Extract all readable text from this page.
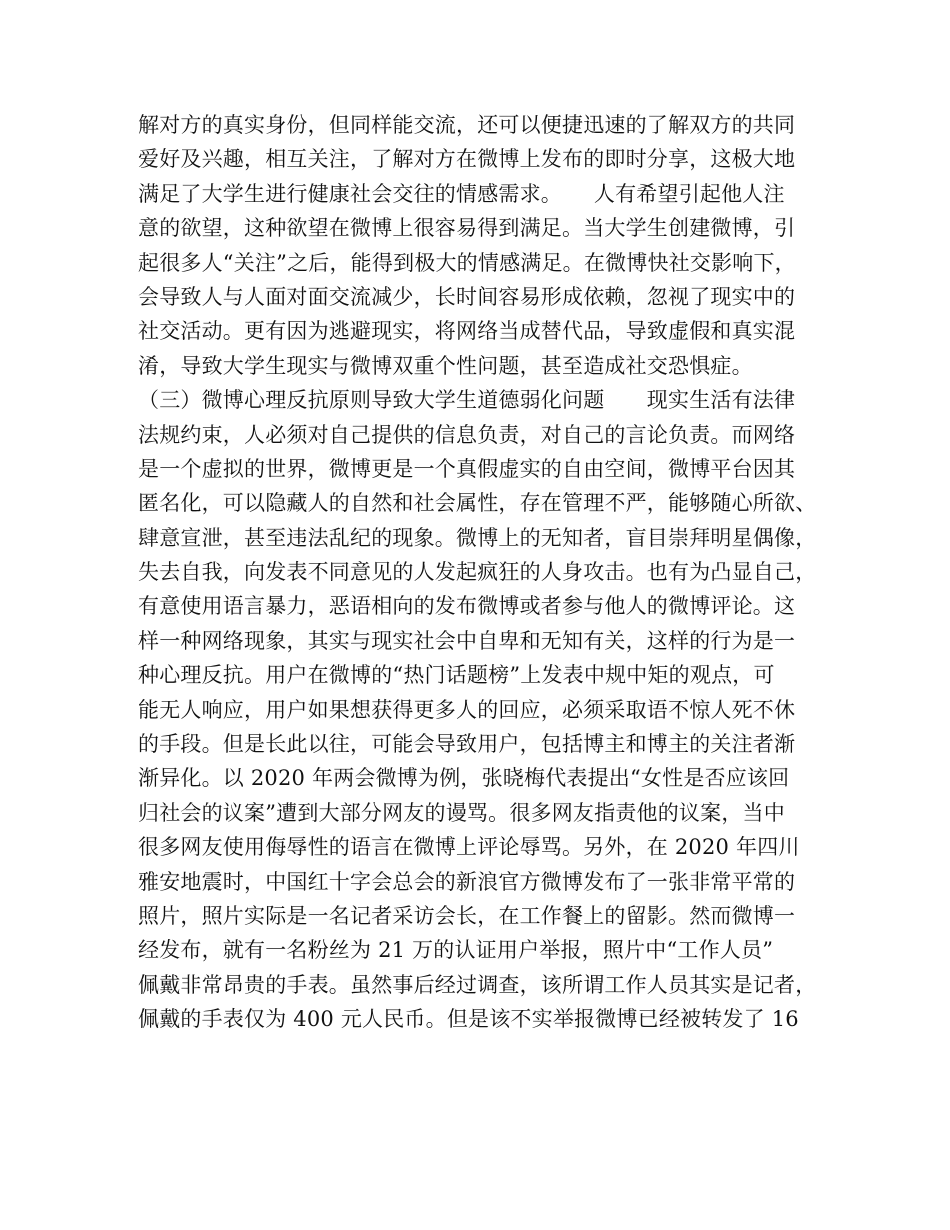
解对方的真实身份，但同样能交流，还可以便捷迅速的了解双方的共同
爱好及兴趣，相互关注，了解对方在微博上发布的即时分享，这极大地
满足了大学生进行健康社会交往的情感需求。　　人有希望引起他人注
意的欲望，这种欲望在微博上很容易得到满足。当大学生创建微博，引
起很多人“关注”之后，能得到极大的情感满足。在微博快社交影响下，
会导致人与人面对面交流减少，长时间容易形成依赖，忽视了现实中的
社交活动。更有因为逃避现实，将网络当成替代品，导致虚假和真实混
淆，导致大学生现实与微博双重个性问题，甚至造成社交恐惧症。
（三）微博心理反抗原则导致大学生道德弱化问题　　现实生活有法律
法规约束，人必须对自己提供的信息负责，对自己的言论负责。而网络
是一个虚拟的世界，微博更是一个真假虚实的自由空间，微博平台因其
匿名化，可以隐藏人的自然和社会属性，存在管理不严，能够随心所欲、
肆意宣泄，甚至违法乱纪的现象。微博上的无知者，盲目崇拜明星偶像，
失去自我，向发表不同意见的人发起疯狂的人身攻击。也有为凸显自己，
有意使用语言暴力，恶语相向的发布微博或者参与他人的微博评论。这
样一种网络现象，其实与现实社会中自卑和无知有关，这样的行为是一
种心理反抗。用户在微博的“热门话题榜”上发表中规中矩的观点，可
能无人响应，用户如果想获得更多人的回应，必须采取语不惊人死不休
的手段。但是长此以往，可能会导致用户，包括博主和博主的关注者渐
渐异化。以 2020 年两会微博为例，张晓梅代表提出“女性是否应该回
归社会的议案”遭到大部分网友的谩骂。很多网友指责他的议案，当中
很多网友使用侮辱性的语言在微博上评论辱骂。另外，在 2020 年四川
雅安地震时，中国红十字会总会的新浪官方微博发布了一张非常平常的
照片，照片实际是一名记者采访会长，在工作餐上的留影。然而微博一
经发布，就有一名粉丝为 21 万的认证用户举报，照片中“工作人员”
佩戴非常昂贵的手表。虽然事后经过调查，该所谓工作人员其实是记者，
佩戴的手表仅为 400 元人民币。但是该不实举报微博已经被转发了 16
